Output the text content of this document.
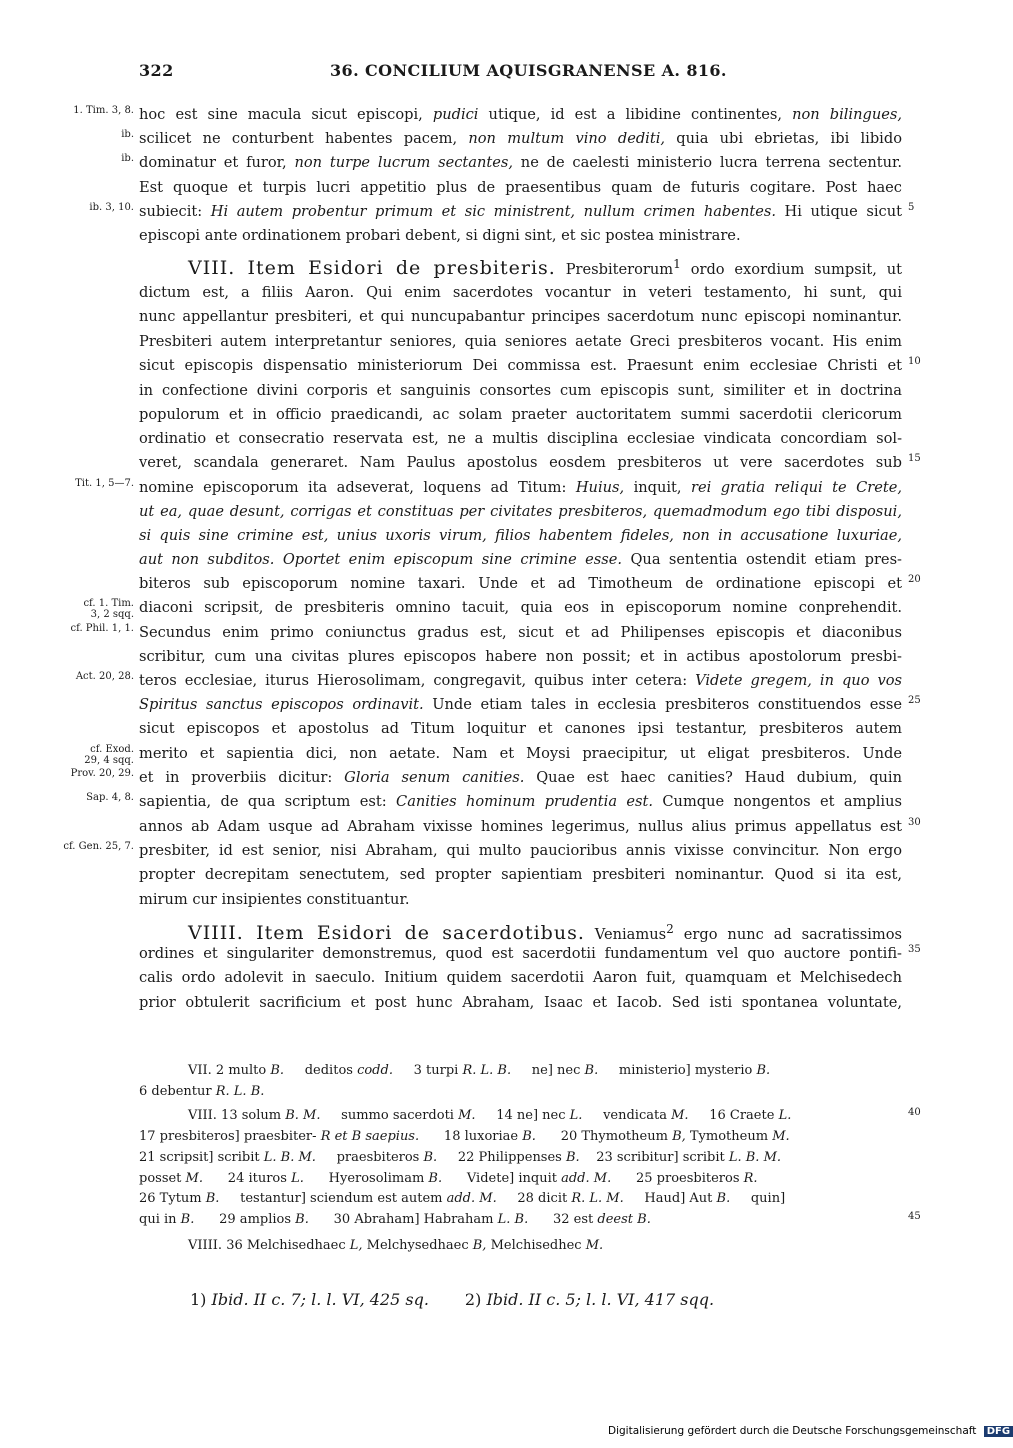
322	36. CONCILIUM AQUISGRANENSE A. 816.
1. Tim. 3, 8. hoc est sine macula sicut episcopi, pudici utique, id est a libidine continentes, non bilingues,
ib. scilicet ne conturbent habentes pacem, non multum vino dediti, quia ubi ebrietas, ibi libido
ib. dominatur et furor, non turpe lucrum sectantes, ne de caelesti ministerio lucra terrena sectentur.
Est quoque et turpis lucri appetitio plus de praesentibus quam de futuris cogitare. Post haec
ib. 3, 10. subiecit: Hi autem probentur primum et sic ministrent, nullum crimen habentes. Hi utique sicut 5
episcopi ante ordinationem probari debent, si digni sint, et sic postea ministrare.
VIII. Item Esidori de presbiteris. Presbiterorum$^1$ ordo exordium sumpsit, ut
dictum est, a filiis Aaron. Qui enim sacerdotes vocantur in veteri testamento, hi sunt, qui
nunc appellantur presbiteri, et qui nuncupabantur principes sacerdotum nunc episcopi nominantur.
Presbiteri autem interpretantur seniores, quia seniores aetate Greci presbiteros vocant. His enim
sicut episcopis dispensatio ministeriorum Dei commissa est. Praesunt enim ecclesiae Christi et 10
in confectione divini corporis et sanguinis consortes cum episcopis sunt, similiter et in doctrina
populorum et in officio praedicandi, ac solam praeter auctoritatem summi sacerdotii clericorum
ordinatio et consecratio reservata est, ne a multis disciplina ecclesiae vindicata concordiam sol-
veret, scandala generaret. Nam Paulus apostolus eosdem presbiteros ut vere sacerdotes sub 15
Tit. 1, 5—7. nomine episcoporum ita adseverat, loquens ad Titum: Huius, inquit, rei gratia reliqui te Crete,
ut ea, quae desunt, corrigas et constituas per civitates presbiteros, quemadmodum ego tibi disposui,
si quis sine crimine est, unius uxoris virum, filios habentem fideles, non in accusatione luxuriae,
aut non subditos. Oportet enim episcopum sine crimine esse. Qua sententia ostendit etiam pres-
biteros sub episcoporum nomine taxari. Unde et ad Timotheum de ordinatione episcopi et 20
cf. 1. Tim.
3, 2 sqq. diaconi scripsit, de presbiteris omnino tacuit, quia eos in episcoporum nomine conprehendit.
cf. Phil. 1, 1. Secundus enim primo coniunctus gradus est, sicut et ad Philipenses episcopis et diaconibus
scribitur, cum una civitas plures episcopos habere non possit; et in actibus apostolorum presbi-
Act. 20, 28. teros ecclesiae, iturus Hierosolimam, congregavit, quibus inter cetera: Videte gregem, in quo vos
Spiritus sanctus episcopos ordinavit. Unde etiam tales in ecclesia presbiteros constituendos esse 25
sicut episcopos et apostolus ad Titum loquitur et canones ipsi testantur, presbiteros autem
cf. Exod.
29, 4 sqq. merito et sapientia dici, non aetate. Nam et Moysi praecipitur, ut eligat presbiteros. Unde
Prov. 20, 29. et in proverbiis dicitur: Gloria senum canities. Quae est haec canities? Haud dubium, quin
Sap. 4, 8. sapientia, de qua scriptum est: Canities hominum prudentia est. Cumque nongentos et amplius
annos ab Adam usque ad Abraham vixisse homines legerimus, nullus alius primus appellatus est 30
cf. Gen. 25, 7. presbiter, id est senior, nisi Abraham, qui multo paucioribus annis vixisse convincitur. Non ergo
propter decrepitam senectutem, sed propter sapientiam presbiteri nominantur. Quod si ita est,
mirum cur insipientes constituantur.
VIIII. Item Esidori de sacerdotibus. Veniamus$^2$ ergo nunc ad sacratissimos
ordines et singulariter demonstremus, quod est sacerdotii fundamentum vel quo auctore pontifi- 35
calis ordo adolevit in saeculo. Initium quidem sacerdotii Aaron fuit, quamquam et Melchisedech
prior obtulerit sacrificium et post hunc Abraham, Isaac et Iacob. Sed isti spontanea voluntate,
VII. 2 multo B.     deditos codd.     3 turpi R. L. B.     ne] nec B.     ministerio] mysterio B.
6 debentur R. L. B.
VIII. 13 solum B. M.     summo sacerdoti M.     14 ne] nec L.     vendicata M.     16 Craete L.	40
17 presbiteros] praesbiter- R et B saepius.      18 luxoriae B.      20 Thymotheum B, Tymotheum M.
21 scripsit] scribit L. B. M.     praesbiteros B.     22 Philippenses B.    23 scribitur] scribit L. B. M.
posset M.      24 ituros L.      Hyerosolimam B.      Videte] inquit add. M.      25 proesbiteros R.
26 Tytum B.     testantur] sciendum est autem add. M.     28 dicit R. L. M.     Haud] Aut B.     quin]
qui in B.      29 amplios B.      30 Abraham] Habraham L. B.      32 est deest B.	45
VIIII. 36 Melchisedhaec L, Melchysedhaec B, Melchisedhec M.
1) Ibid. II c. 7; l. l. VI, 425 sq. 2) Ibid. II c. 5; l. l. VI, 417 sqq.
Digitalisierung gefördert durch die Deutsche Forschungsgemeinschaft DFG
